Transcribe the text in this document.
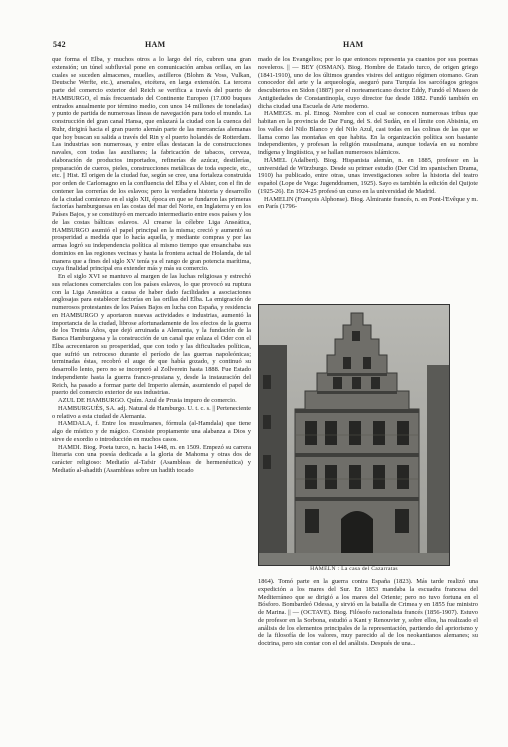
542	HAM	HAM

que forma el Elba, y muchos otros a lo largo del río, cubren una gran extensión; un túnel subfluvial pone en comunicación ambas orillas, en las cuales se suceden almacenes, muelles, astilleros (Blohm & Voss, Vulkan, Deutsche Werfte, etc.), arsenales, etcétera, en larga extensión. La tercera parte del comercio exterior del Reich se verifica a través del puerto de HAMBURGO, el más frecuentado del Continente Europeo (17.000 buques entrados anualmente por término medio, con unos 14 millones de toneladas) y punto de partida de numerosas líneas de navegación para todo el mundo. La construcción del gran canal Hansa, que enlazará la ciudad con la cuenca del Ruhr, dirigirá hacia el gran puerto alemán parte de las mercancías alemanas que hoy buscan su salida a través del Rin y el puerto holandés de Rotterdam. Las industrias son numerosas, y entre ellas destacan la de construcciones navales, con todas las auxiliares; la fabricación de tabacos, cerveza, elaboración de productos importados, refinerías de azúcar, destilerías, preparación de cueros, pieles, construcciones metálicas de toda especie, etc., etc. || Hist. El origen de la ciudad fue, según se cree, una fortaleza construida por orden de Carlomagno en la confluencia del Elba y el Alster, con el fin de contener las correrías de los eslavos; pero la verdadera historia y desarrollo de la ciudad comienzo en el siglo XII, época en que se fundaron las primeras factorías hamburguesas en las costas del mar del Norte, en Inglaterra y en los Países Bajos, y se constituyó en mercado intermediario entre esos países y los de las costas bálticas eslavos. Al crearse la célebre Liga Anseática, HAMBURGO asumió el papel principal en la misma; creció y aumentó su prosperidad a medida que lo hacía aquella, y mediante compras y por las armas logró su independencia política al mismo tiempo que ensanchaba sus dominios en las regiones vecinas y hasta la frontera actual de Holanda, de tal manera que a fines del siglo XV tenía ya el rango de gran potencia marítima, cuya finalidad principal era extender más y más su comercio.

En el siglo XVI se mantuvo al margen de las luchas religiosas y estrechó sus relaciones comerciales con los países eslavos, lo que provocó su ruptura con la Liga Anseática a causa de haber dado facilidades a asociaciones anglosajas para establecer factorías en las orillas del Elba. La emigración de numerosos protestantes de los Países Bajos en lucha con España, y residencia en HAMBURGO y aportaron nuevas actividades e industrias, aumentó la importancia de la ciudad, librose afortunadamente de los efectos de la guerra de los Treinta Años, que dejó arruinada a Alemania, y la fundación de la Banca Hamburguesa y la construcción de un canal que enlaza el Oder con el Elba acrecentaron su prosperidad, que con todo y las dificultades políticas, que sufrió un retroceso durante el período de las guerras napoleónicas; terminadas éstas, recobró el auge de que había gozado, y continuó su desarrollo lento, pero no se incorporó al Zollverein hasta 1888. Fue Estado independiente hasta la guerra franco-prusiana y, desde la instauración del Reich, ha pasado a formar parte del Imperio alemán, asumiendo el papel de puerto del comercio exterior de sus industrias.

AZUL DE HAMBURGO. Quím. Azul de Prusia impuro de comercio.

HAMBURGUÉS, SA. adj. Natural de Hamburgo. U. t. c. s. || Perteneciente o relativo a esta ciudad de Alemania.

HAMDALA, f. Entre los musulmanes, fórmula (al-Hamdala) que tiene algo de místico y de mágico. Consiste propiamente una alabanza a Dios y sirve de exordio o introducción en muchos casos.

HAMDI. Biog. Poeta turco, n. hacia 1448, m. en 1509. Empezó su carrera literaria con una poesía dedicada a la gloria de Mahoma y otras dos de carácter religioso: Mediatío al-Tafsir (Asambleas de hermenéutica) y Mediatío al-ahadith (Asambleas sobre un hadith tocado

mado de los Evangelios; por lo que entonces representa ya cuantos por sus poemas noveleros. || — BEY (OSMAN). Biog. Hombre de Estado turco, de origen griego (1841-1910), uno de los últimos grandes visires del antiguo régimen otomano. Gran conocedor del arte y la arqueología, aseguró para Turquía los sarcófagos griegos descubiertos en Sidon (1887) por el norteamericano doctor Eddy, Fundó el Museo de Antigüedades de Constantinopla, cuyo director fue desde 1882. Fundó también en dicha ciudad una Escuela de Arte moderno.

HAMEGS. m. pl. Etnog. Nombre con el cual se conocen numerosas tribus que habitan en la provincia de Dar Fung, del S. del Sudán, en el límite con Abisinia, en los valles del Nilo Blanco y del Nilo Azul, casi todas en las colinas de las que se llama como las montañas en que habita. En la organización política son bastante independientes, y profesan la religión musulmana, aunque todavía en su nombre indígena y lingüística, y se hallan numerosos islámicos.

HÄMEL (Adalbert). Biog. Hispanista alemán, n. en 1885, profesor en la universidad de Würzburgo. Desde su primer estudio (Der Cid im spanischen Drama, 1910) ha publicado, entre otras, unas investigaciones sobre la historia del teatro español (Lope de Vega: Jugenddramen, 1925). Sayo es también la edición del Quijote (1925-26). En 1924-25 profesó un curso en la universidad de Madrid.

HAMELIN (François Alphonse). Biog. Almirante francés, n. en Pont-l'Evêque y m. en París (1796-

HAMELN : La casa del Cazarratas

1864). Tomó parte en la guerra contra España (1823). Más tarde realizó una expedición a los mares del Sur. En 1853 mandaba la escuadra francesa del Mediterráneo que se dirigió a los mares del Oriente; pero no tuvo fortuna en el Bósforo. Bombardeó Odessa, y sirvió en la batalla de Crimea y en 1855 fue ministro de Marina. || — (OCTAVE). Biog. Filósofo racionalista francés (1856-1907). Estuvo de profesor en la Sorbona, estudió a Kant y Renouvier y, sobre ellos, ha realizado el análisis de los elementos principales de la representación, partiendo del apriorismo y de la filosofía de los valores, muy parecido al de los neokantianos alemanes; su doctrina, pero sin contar con el del análisis. Después de una...
